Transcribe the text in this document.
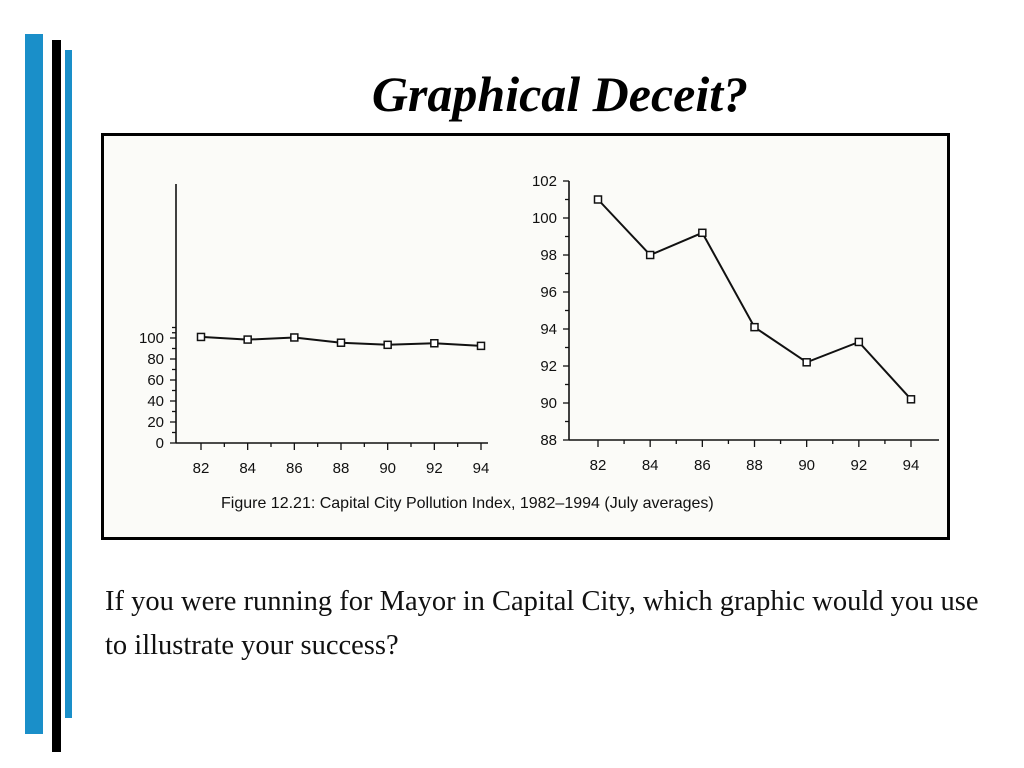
Graphical Deceit?
0
20
40
60
80
100
82 84 86 88 90 92 94
88
90
92
94
96
98
100
102
82 84 86 88 90 92 94
Figure 12.21: Capital City Pollution Index, 1982–1994 (July averages)
If you were running for Mayor in Capital City, which graphic would you use to illustrate your success?
